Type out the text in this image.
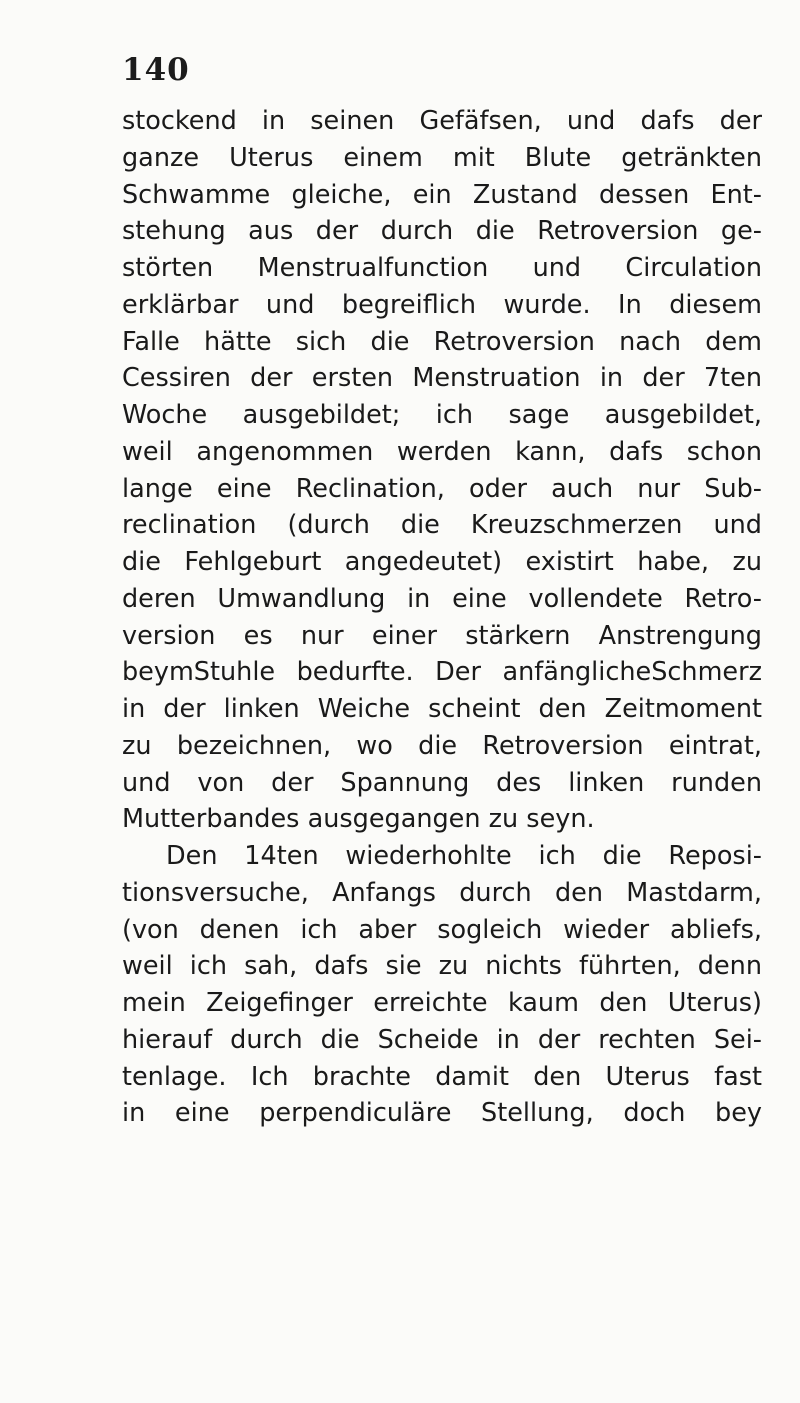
140
stockend in seinen Gefäfsen, und dafs der
ganze Uterus einem mit Blute getränkten
Schwamme gleiche, ein Zustand dessen Ent-
stehung aus der durch die Retroversion ge-
störten Menstrualfunction und Circulation
erklärbar und begreiflich wurde. In diesem
Falle hätte sich die Retroversion nach dem
Cessiren der ersten Menstruation in der 7ten
Woche ausgebildet; ich sage ausgebildet,
weil angenommen werden kann, dafs schon
lange eine Reclination, oder auch nur Sub-
reclination (durch die Kreuzschmerzen und
die Fehlgeburt angedeutet) existirt habe, zu
deren Umwandlung in eine vollendete Retro-
version es nur einer stärkern Anstrengung
beymStuhle bedurfte. Der anfänglicheSchmerz
in der linken Weiche scheint den Zeitmoment
zu bezeichnen, wo die Retroversion eintrat,
und von der Spannung des linken runden
Mutterbandes ausgegangen zu seyn.
Den 14ten wiederhohlte ich die Reposi-
tionsversuche, Anfangs durch den Mastdarm,
(von denen ich aber sogleich wieder abliefs,
weil ich sah, dafs sie zu nichts führten, denn
mein Zeigefinger erreichte kaum den Uterus)
hierauf durch die Scheide in der rechten Sei-
tenlage. Ich brachte damit den Uterus fast
in eine perpendiculäre Stellung, doch bey
